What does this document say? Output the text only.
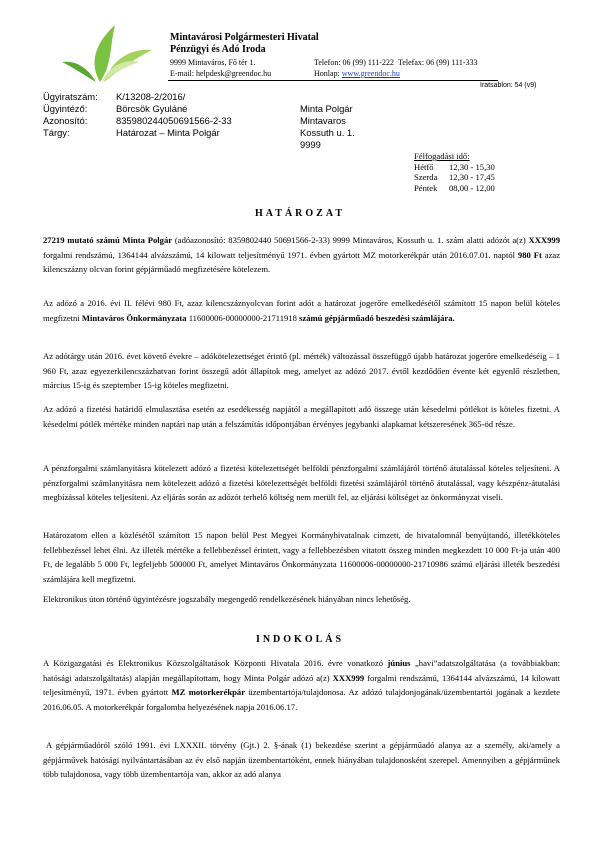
Mintavárosi Polgármesteri Hivatal
Pénzügyi és Adó Iroda
9999 Mintaváros, Fő tér 1.	Telefon: 06 (99) 111-222 Telefax: 06 (99) 111-333
E-mail: helpdesk@greendoc.hu	Honlap: www.greendoc.hu
Iratsablon: 54 (v9)
Ügyiratszám:	K/13208-2/2016/
Ügyintéző:	Börcsök Gyuláné
Azonosító:	835980244050691566-2-33
Tárgy:	Határozat – Minta Polgár
Minta Polgár
Mintavaros
Kossuth u. 1.
9999
Félfogadási idő:
Hétfő	12,30 - 15,30
Szerda	12,30 - 17,45
Péntek	08,00 - 12,00
HATÁROZAT

27219 mutató számú Minta Polgár (adóazonosító: 8359802440 50691566-2-33) 9999 Mintaváros, Kossuth u. 1. szám alatti adózót a(z) XXX999 forgalmi rendszámú, 1364144 alvázszámú, 14 kilowatt teljesítményű 1971. évben gyártott MZ motorkerékpár után 2016.07.01. naptól 980 Ft azaz kilencszázny olcvan forint gépjárműadó megfizetésére kötelezem.

Az adózó a 2016. évi II. félévi 980 Ft, azaz kilencszáznyolcvan forint adót a határozat jogerőre emelkedésétől számított 15 napon belül köteles megfizetni Mintaváros Önkormányzata 11600006-00000000-21711918 számú gépjárműadó beszedési számlájára.

Az adótárgy után 2016. évet követő évekre – adókötelezettséget érintő (pl. mérték) változással összefüggő újabb határozat jogerőre emelkedéséig – 1 960 Ft, azaz egyezerkilencszázhatvan forint összegű adót állapítok meg, amelyet az adózó 2017. évtől kezdődően évente két egyenlő részletben, március 15-ig és szeptember 15-ig köteles megfizetni.

Az adózó a fizetési határidő elmulasztása esetén az esedékesség napjától a megállapított adó összege után késedelmi pótlékot is köteles fizetni. A késedelmi pótlék mértéke minden naptári nap után a felszámítás időpontjában érvényes jegybanki alapkamat kétszeresének 365-öd része.

A pénzforgalmi számlanyitásra kötelezett adózó a fizetési kötelezettségét belföldi pénzforgalmi számlájáról történő átutalással köteles teljesíteni. A pénzforgalmi számlanyitásra nem kötelezett adózó a fizetési kötelezettségét belföldi fizetési számlájáról történő átutalással, vagy készpénz-átutalási megbízással köteles teljesíteni. Az eljárás során az adózót terhelő költség nem merült fel, az eljárási költséget az önkormányzat viseli.

Határozatom ellen a közlésétől számított 15 napon belül Pest Megyei Kormányhivatalnak címzett, de hivatalomnál benyújtandó, illetékköteles fellebbezéssel lehet élni. Az illeték mértéke a fellebbezéssel érintett, vagy a fellebbezésben vitatott összeg minden megkezdett 10 000 Ft-ja után 400 Ft, de legalább 5 000 Ft, legfeljebb 500000 Ft, amelyet Mintaváros Önkormányzata 11600006-00000000-21710986 számú eljárási illeték beszedési számlájára kell megfizetni.

Elektronikus úton történő ügyintézésre jogszabály megengedő rendelkezésének hiányában nincs lehetőség.

INDOKOLÁS

A Közigazgatási és Elektronikus Közszolgáltatások Központi Hivatala 2016. évre vonatkozó június „havi”adatszolgáltatása (a továbbiakban: hatósági adatszolgáltatás) alapján megállapítottam, hogy Minta Polgár adózó a(z) XXX999 forgalmi rendszámú, 1364144 alvázszámú, 14 kilowatt teljesítményű, 1971. évben gyártott MZ motorkerékpár üzembentartója/tulajdonosa. Az adózó tulajdonjogának/üzembentartói jogának a kezdete 2016.06.05. A motorkerékpár forgalomba helyezésének napja 2016.06.17.

A gépjárműadóról szóló 1991. évi LXXXII. törvény (Gjt.) 2. §-ának (1) bekezdése szerint a gépjárműadó alanya az a személy, aki/amely a gépjárművek hatósági nyilvántartásában az év első napján üzembentartóként, ennek hiányában tulajdonosként szerepel. Amennyiben a gépjárműnek több tulajdonosa, vagy több üzembentartója van, akkor az adó alanya
